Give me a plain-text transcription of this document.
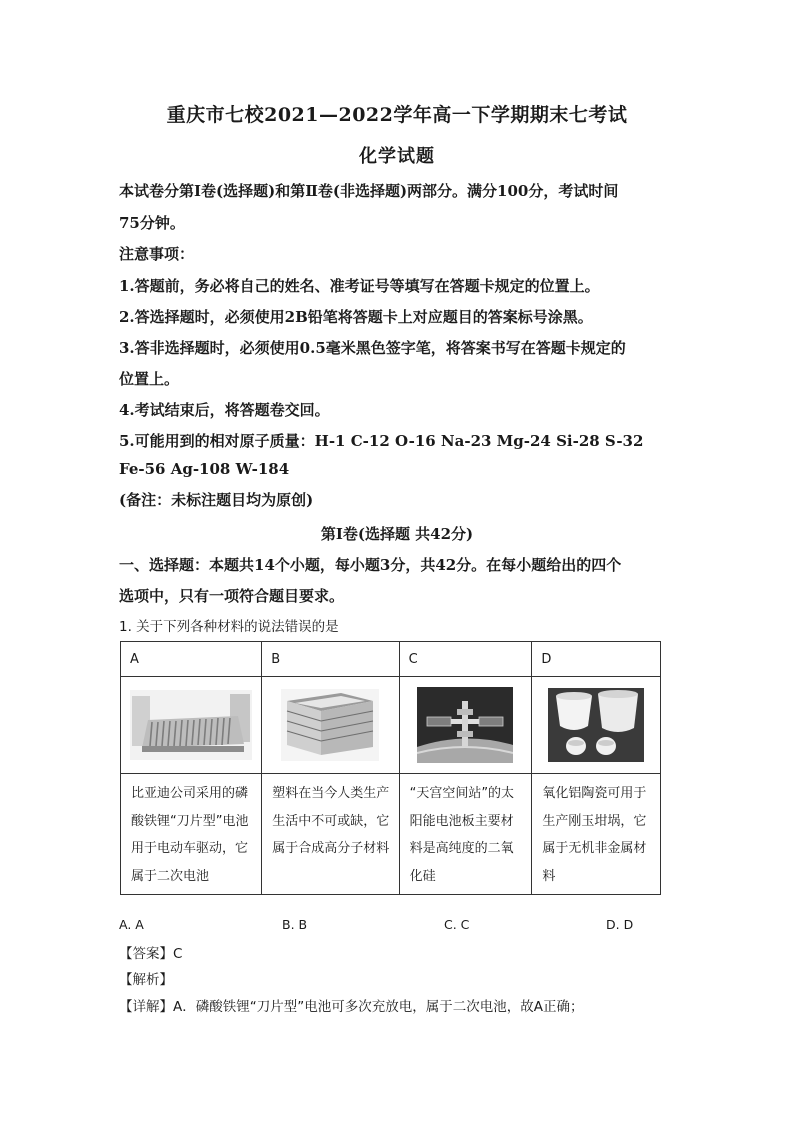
重庆市七校2021—2022学年高一下学期期末七考试
化学试题
本试卷分第Ⅰ卷(选择题)和第Ⅱ卷(非选择题)两部分。满分100分，考试时间
75分钟。
注意事项：
1.答题前，务必将自己的姓名、准考证号等填写在答题卡规定的位置上。
2.答选择题时，必须使用2B铅笔将答题卡上对应题目的答案标号涂黑。
3.答非选择题时，必须使用0.5毫米黑色签字笔，将答案书写在答题卡规定的
位置上。
4.考试结束后，将答题卷交回。
5.可能用到的相对原子质量：H-1 C-12 O-16 Na-23 Mg-24 Si-28 S-32
Fe-56 Ag-108 W-184
(备注：未标注题目均为原创)
第Ⅰ卷(选择题 共42分)
一、选择题：本题共14个小题，每小题3分，共42分。在每小题给出的四个
选项中，只有一项符合题目要求。
1. 关于下列各种材料的说法错误的是
A	B	C	D

比亚迪公司采用的磷酸铁锂“刀片型”电池用于电动车驱动，它属于二次电池	塑料在当今人类生产生活中不可或缺，它属于合成高分子材料	“天宫空间站”的太阳能电池板主要材料是高纯度的二氧化硅	氧化铝陶瓷可用于生产刚玉坩埚，它属于无机非金属材料
A. A	B. B	C. C	D. D
【答案】C
【解析】
【详解】A．磷酸铁锂“刀片型”电池可多次充放电，属于二次电池，故A正确；
